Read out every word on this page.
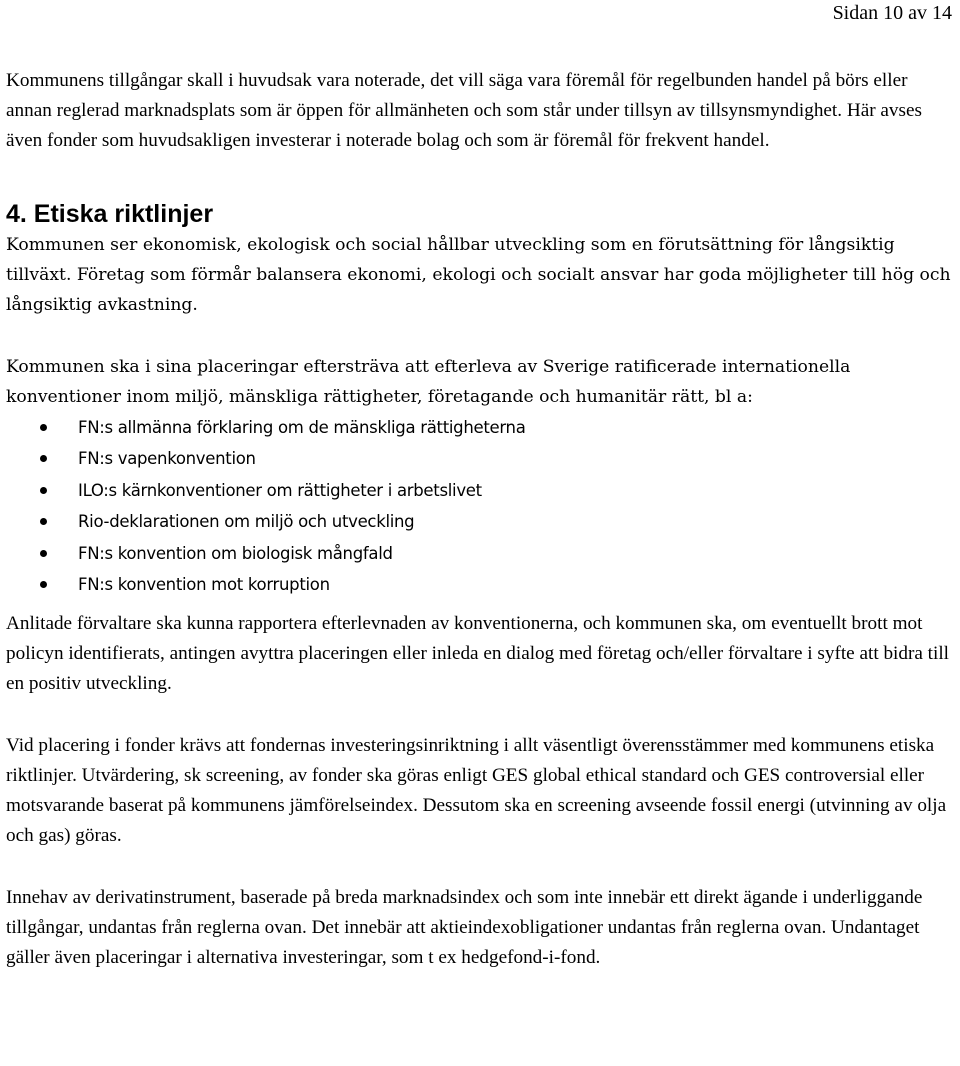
Sidan 10 av 14

Kommunens tillgångar skall i huvudsak vara noterade, det vill säga vara föremål för regelbunden handel på börs eller annan reglerad marknadsplats som är öppen för allmänheten och som står under tillsyn av tillsynsmyndighet. Här avses även fonder som huvudsakligen investerar i noterade bolag och som är föremål för frekvent handel.

4. Etiska riktlinjer

Kommunen ser ekonomisk, ekologisk och social hållbar utveckling som en förutsättning för långsiktig tillväxt. Företag som förmår balansera ekonomi, ekologi och socialt ansvar har goda möjligheter till hög och långsiktig avkastning.

Kommunen ska i sina placeringar eftersträva att efterleva av Sverige ratificerade internationella konventioner inom miljö, mänskliga rättigheter, företagande och humanitär rätt, bl a:

FN:s allmänna förklaring om de mänskliga rättigheterna
FN:s vapenkonvention
ILO:s kärnkonventioner om rättigheter i arbetslivet
Rio-deklarationen om miljö och utveckling
FN:s konvention om biologisk mångfald
FN:s konvention mot korruption

Anlitade förvaltare ska kunna rapportera efterlevnaden av konventionerna, och kommunen ska, om eventuellt brott mot policyn identifierats, antingen avyttra placeringen eller inleda en dialog med företag och/eller förvaltare i syfte att bidra till en positiv utveckling.

Vid placering i fonder krävs att fondernas investeringsinriktning i allt väsentligt överensstämmer med kommunens etiska riktlinjer. Utvärdering, sk screening, av fonder ska göras enligt GES global ethical standard och GES controversial eller motsvarande baserat på kommunens jämförelseindex. Dessutom ska en screening avseende fossil energi (utvinning av olja och gas) göras.

Innehav av derivatinstrument, baserade på breda marknadsindex och som inte innebär ett direkt ägande i underliggande tillgångar, undantas från reglerna ovan. Det innebär att aktieindexobligationer undantas från reglerna ovan. Undantaget gäller även placeringar i alternativa investeringar, som t ex hedgefond-i-fond.
